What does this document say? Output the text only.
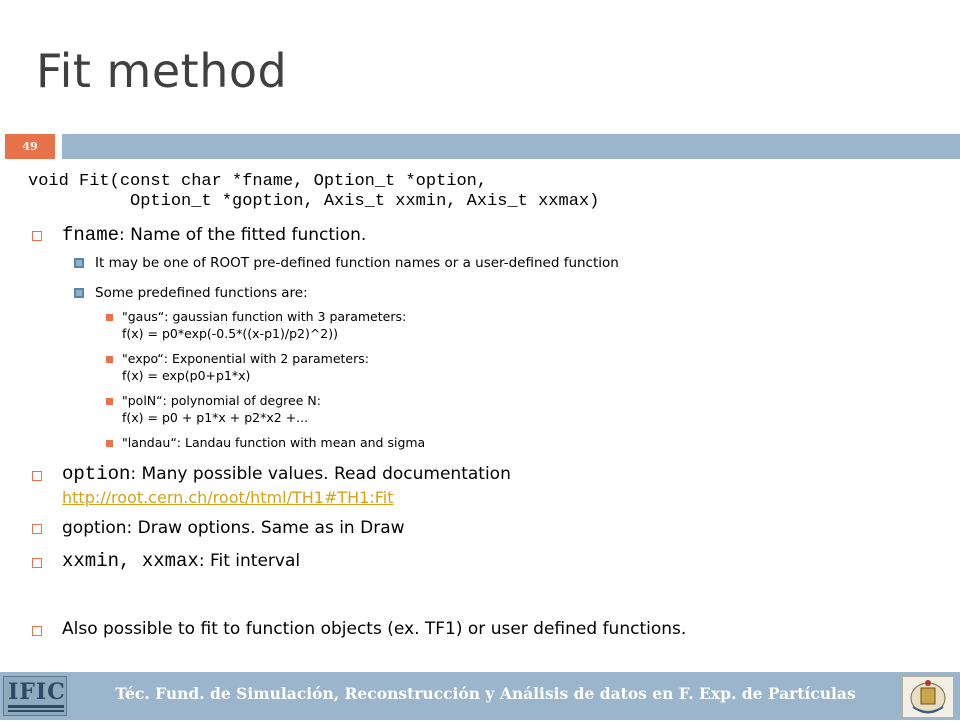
Fit method
49
void Fit(const char *fname, Option_t *option,
Option_t *goption, Axis_t xxmin, Axis_t xxmax)
fname: Name of the fitted function.
It may be one of ROOT pre-defined function names or a user-defined function
Some predefined functions are:
"gaus“: gaussian function with 3 parameters:
f(x) = p0*exp(-0.5*((x-p1)/p2)^2))
"expo“: Exponential with 2 parameters:
f(x) = exp(p0+p1*x)
"polN“: polynomial of degree N:
f(x) = p0 + p1*x + p2*x2 +...
"landau“: Landau function with mean and sigma
option: Many possible values. Read documentation
http://root.cern.ch/root/html/TH1#TH1:Fit
goption: Draw options. Same as in Draw
xxmin, xxmax: Fit interval
Also possible to fit to function objects (ex. TF1) or user defined functions.
IFIC	Téc. Fund. de Simulación, Reconstrucción y Análisis de datos en F. Exp. de Partículas
